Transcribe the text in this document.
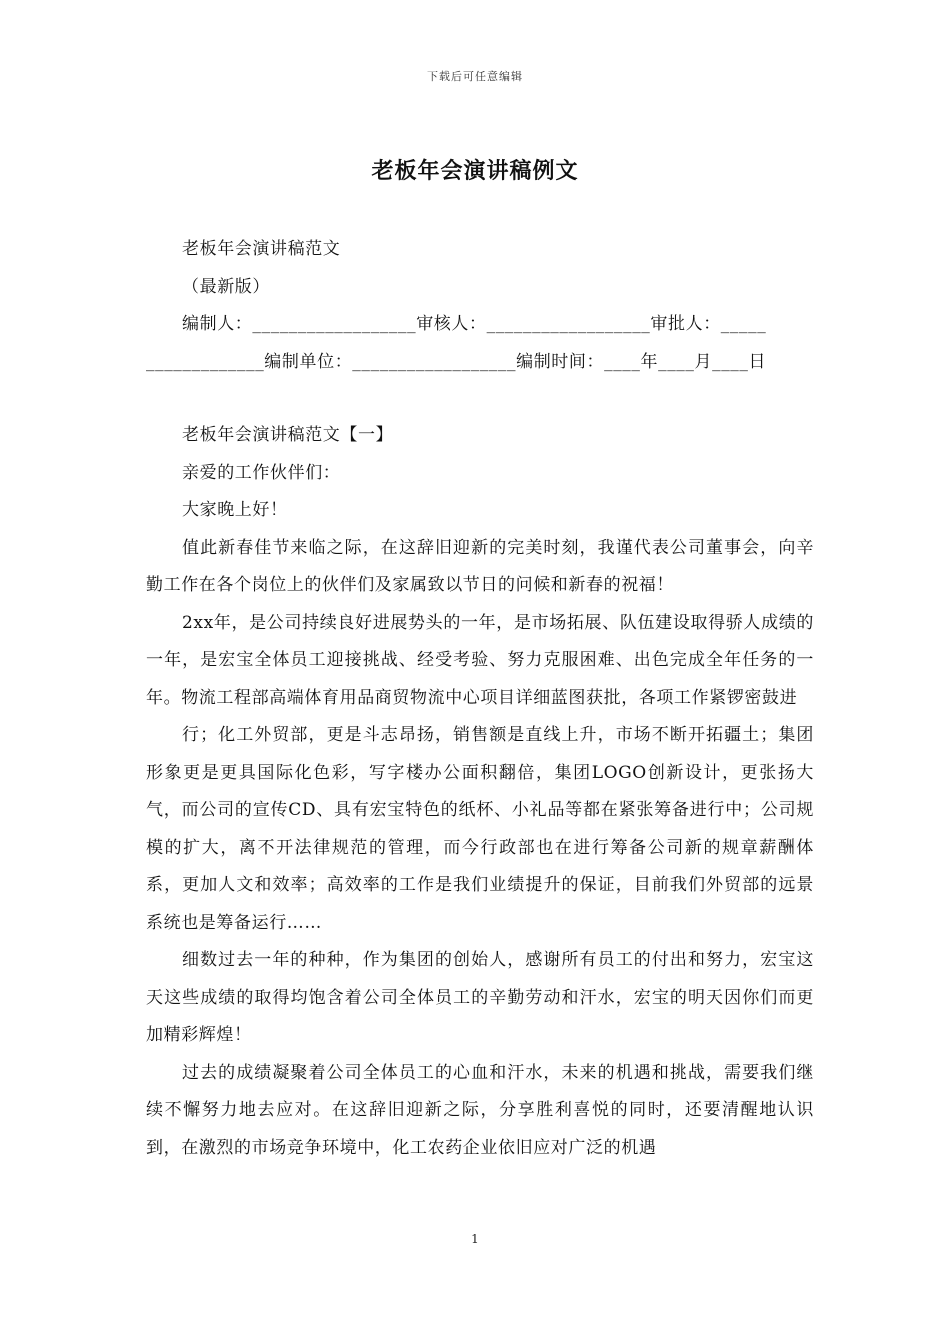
下载后可任意编辑
老板年会演讲稿例文

老板年会演讲稿范文

（最新版）

编制人：__________________审核人：__________________审批人：_____

_____________编制单位：__________________编制时间：____年____月____日

老板年会演讲稿范文【一】

亲爱的工作伙伴们：

大家晚上好！

值此新春佳节来临之际，在这辞旧迎新的完美时刻，我谨代表公司董事会，向辛勤工作在各个岗位上的伙伴们及家属致以节日的问候和新春的祝福！

2xx年，是公司持续良好进展势头的一年，是市场拓展、队伍建设取得骄人成绩的一年，是宏宝全体员工迎接挑战、经受考验、努力克服困难、出色完成全年任务的一年。物流工程部高端体育用品商贸物流中心项目详细蓝图获批，各项工作紧锣密鼓进

行；化工外贸部，更是斗志昂扬，销售额是直线上升，市场不断开拓疆土；集团形象更是更具国际化色彩，写字楼办公面积翻倍，集团LOGO创新设计，更张扬大气，而公司的宣传CD、具有宏宝特色的纸杯、小礼品等都在紧张筹备进行中；公司规模的扩大，离不开法律规范的管理，而今行政部也在进行筹备公司新的规章薪酬体系，更加人文和效率；高效率的工作是我们业绩提升的保证，目前我们外贸部的远景系统也是筹备运行……

细数过去一年的种种，作为集团的创始人，感谢所有员工的付出和努力，宏宝这天这些成绩的取得均饱含着公司全体员工的辛勤劳动和汗水，宏宝的明天因你们而更加精彩辉煌！

过去的成绩凝聚着公司全体员工的心血和汗水，未来的机遇和挑战，需要我们继续不懈努力地去应对。在这辞旧迎新之际，分享胜利喜悦的同时，还要清醒地认识到，在激烈的市场竞争环境中，化工农药企业依旧应对广泛的机遇

1
